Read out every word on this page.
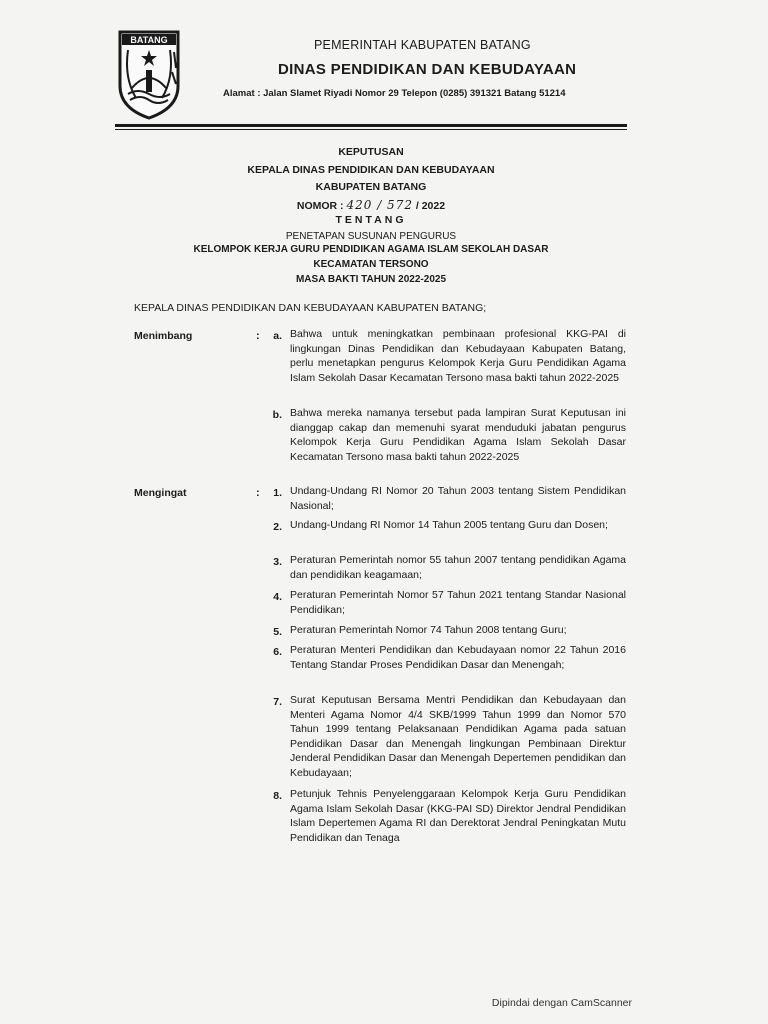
BATANG	PEMERINTAH KABUPATEN BATANG
DINAS PENDIDIKAN DAN KEBUDAYAAN
Alamat : Jalan Slamet Riyadi Nomor 29 Telepon (0285) 391321 Batang 51214
KEPUTUSAN
KEPALA DINAS PENDIDIKAN DAN KEBUDAYAAN
KABUPATEN BATANG
NOMOR : 420 / 572 / 2022
TENTANG
PENETAPAN SUSUNAN PENGURUS
KELOMPOK KERJA GURU PENDIDIKAN AGAMA ISLAM SEKOLAH DASAR
KECAMATAN TERSONO
MASA BAKTI TAHUN 2022-2025
KEPALA DINAS PENDIDIKAN DAN KEBUDAYAAN KABUPATEN BATANG;
Menimbang	:	a. Bahwa untuk meningkatkan pembinaan profesional KKG-PAI di lingkungan Dinas Pendidikan dan Kebudayaan Kabupaten Batang, perlu menetapkan pengurus Kelompok Kerja Guru Pendidikan Agama Islam Sekolah Dasar Kecamatan Tersono masa bakti tahun 2022-2025
b. Bahwa mereka namanya tersebut pada lampiran Surat Keputusan ini dianggap cakap dan memenuhi syarat menduduki jabatan pengurus Kelompok Kerja Guru Pendidikan Agama Islam Sekolah Dasar Kecamatan Tersono masa bakti tahun 2022-2025
Mengingat	:	1. Undang-Undang RI Nomor 20 Tahun 2003 tentang Sistem Pendidikan Nasional;
2. Undang-Undang RI Nomor 14 Tahun 2005 tentang Guru dan Dosen;
3. Peraturan Pemerintah nomor 55 tahun 2007 tentang pendidikan Agama dan pendidikan keagamaan;
4. Peraturan Pemerintah Nomor 57 Tahun 2021 tentang Standar Nasional Pendidikan;
5. Peraturan Pemerintah Nomor 74 Tahun 2008 tentang Guru;
6. Peraturan Menteri Pendidikan dan Kebudayaan nomor 22 Tahun 2016 Tentang Standar Proses Pendidikan Dasar dan Menengah;
7. Surat Keputusan Bersama Mentri Pendidikan dan Kebudayaan dan Menteri Agama Nomor 4/4 SKB/1999 Tahun 1999 dan Nomor 570 Tahun 1999 tentang Pelaksanaan Pendidikan Agama pada satuan Pendidikan Dasar dan Menengah lingkungan Pembinaan Direktur Jenderal Pendidikan Dasar dan Menengah Depertemen pendidikan dan Kebudayaan;
8. Petunjuk Tehnis Penyelenggaraan Kelompok Kerja Guru Pendidikan Agama Islam Sekolah Dasar (KKG-PAI SD) Direktor Jendral Pendidikan Islam Depertemen Agama RI dan Derektorat Jendral Peningkatan Mutu Pendidikan dan Tenaga
Dipindai dengan CamScanner
